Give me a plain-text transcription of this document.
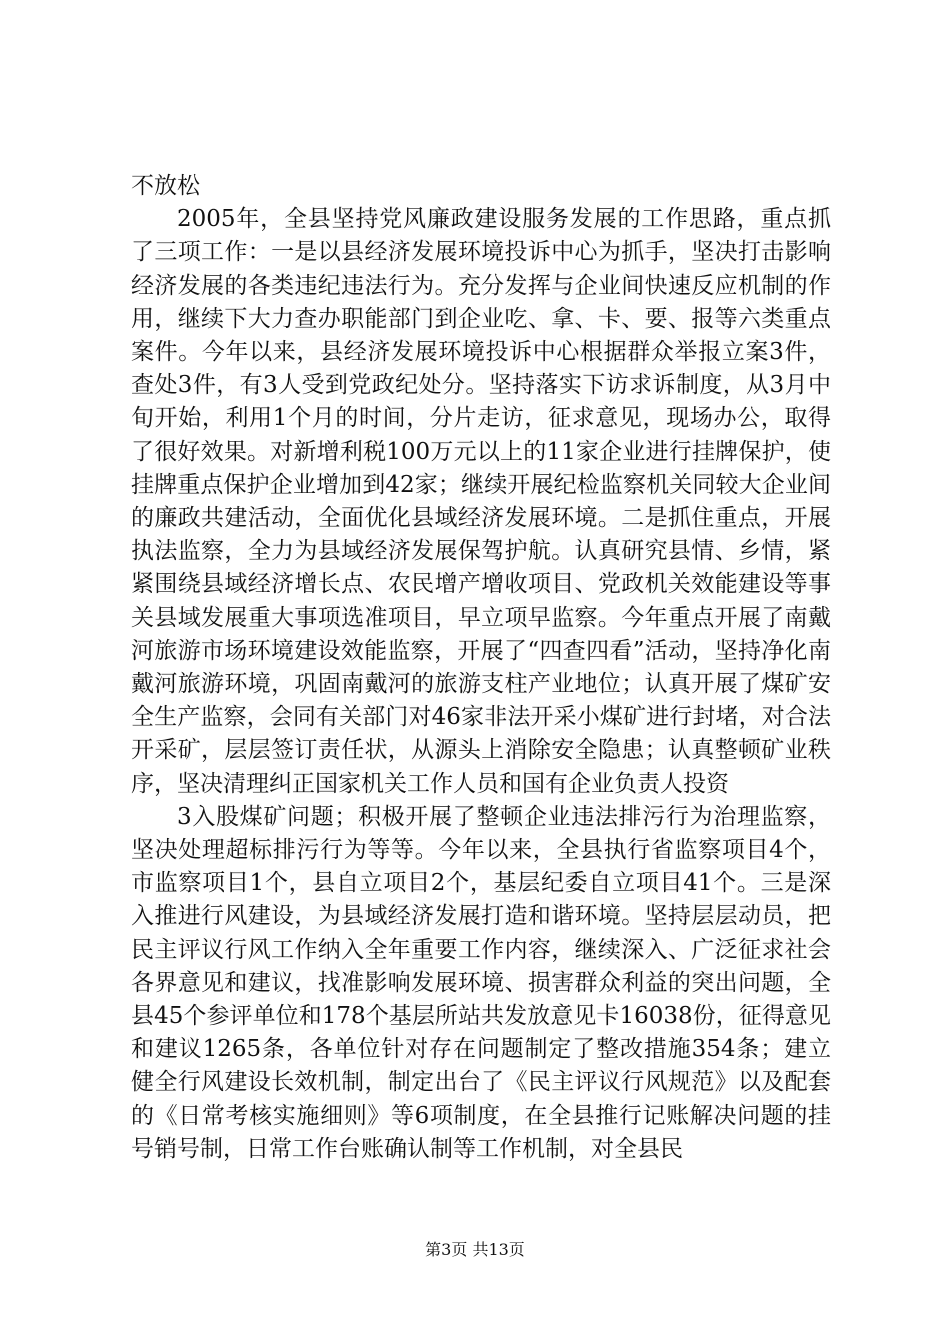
不放松

2005年，全县坚持党风廉政建设服务发展的工作思路，重点抓了三项工作：一是以县经济发展环境投诉中心为抓手，坚决打击影响经济发展的各类违纪违法行为。充分发挥与企业间快速反应机制的作用，继续下大力查办职能部门到企业吃、拿、卡、要、报等六类重点案件。今年以来，县经济发展环境投诉中心根据群众举报立案3件，查处3件，有3人受到党政纪处分。坚持落实下访求诉制度，从3月中旬开始，利用1个月的时间，分片走访，征求意见，现场办公，取得了很好效果。对新增利税100万元以上的11家企业进行挂牌保护，使挂牌重点保护企业增加到42家；继续开展纪检监察机关同较大企业间的廉政共建活动，全面优化县域经济发展环境。二是抓住重点，开展执法监察，全力为县域经济发展保驾护航。认真研究县情、乡情，紧紧围绕县域经济增长点、农民增产增收项目、党政机关效能建设等事关县域发展重大事项选准项目，早立项早监察。今年重点开展了南戴河旅游市场环境建设效能监察，开展了“四查四看”活动，坚持净化南戴河旅游环境，巩固南戴河的旅游支柱产业地位；认真开展了煤矿安全生产监察，会同有关部门对46家非法开采小煤矿进行封堵，对合法开采矿，层层签订责任状，从源头上消除安全隐患；认真整顿矿业秩序，坚决清理纠正国家机关工作人员和国有企业负责人投资

3入股煤矿问题；积极开展了整顿企业违法排污行为治理监察，坚决处理超标排污行为等等。今年以来，全县执行省监察项目4个，市监察项目1个，县自立项目2个，基层纪委自立项目41个。三是深入推进行风建设，为县域经济发展打造和谐环境。坚持层层动员，把民主评议行风工作纳入全年重要工作内容，继续深入、广泛征求社会各界意见和建议，找准影响发展环境、损害群众利益的突出问题，全县45个参评单位和178个基层所站共发放意见卡16038份，征得意见和建议1265条，各单位针对存在问题制定了整改措施354条；建立健全行风建设长效机制，制定出台了《民主评议行风规范》以及配套的《日常考核实施细则》等6项制度，在全县推行记账解决问题的挂号销号制，日常工作台账确认制等工作机制，对全县民

第3页 共13页
